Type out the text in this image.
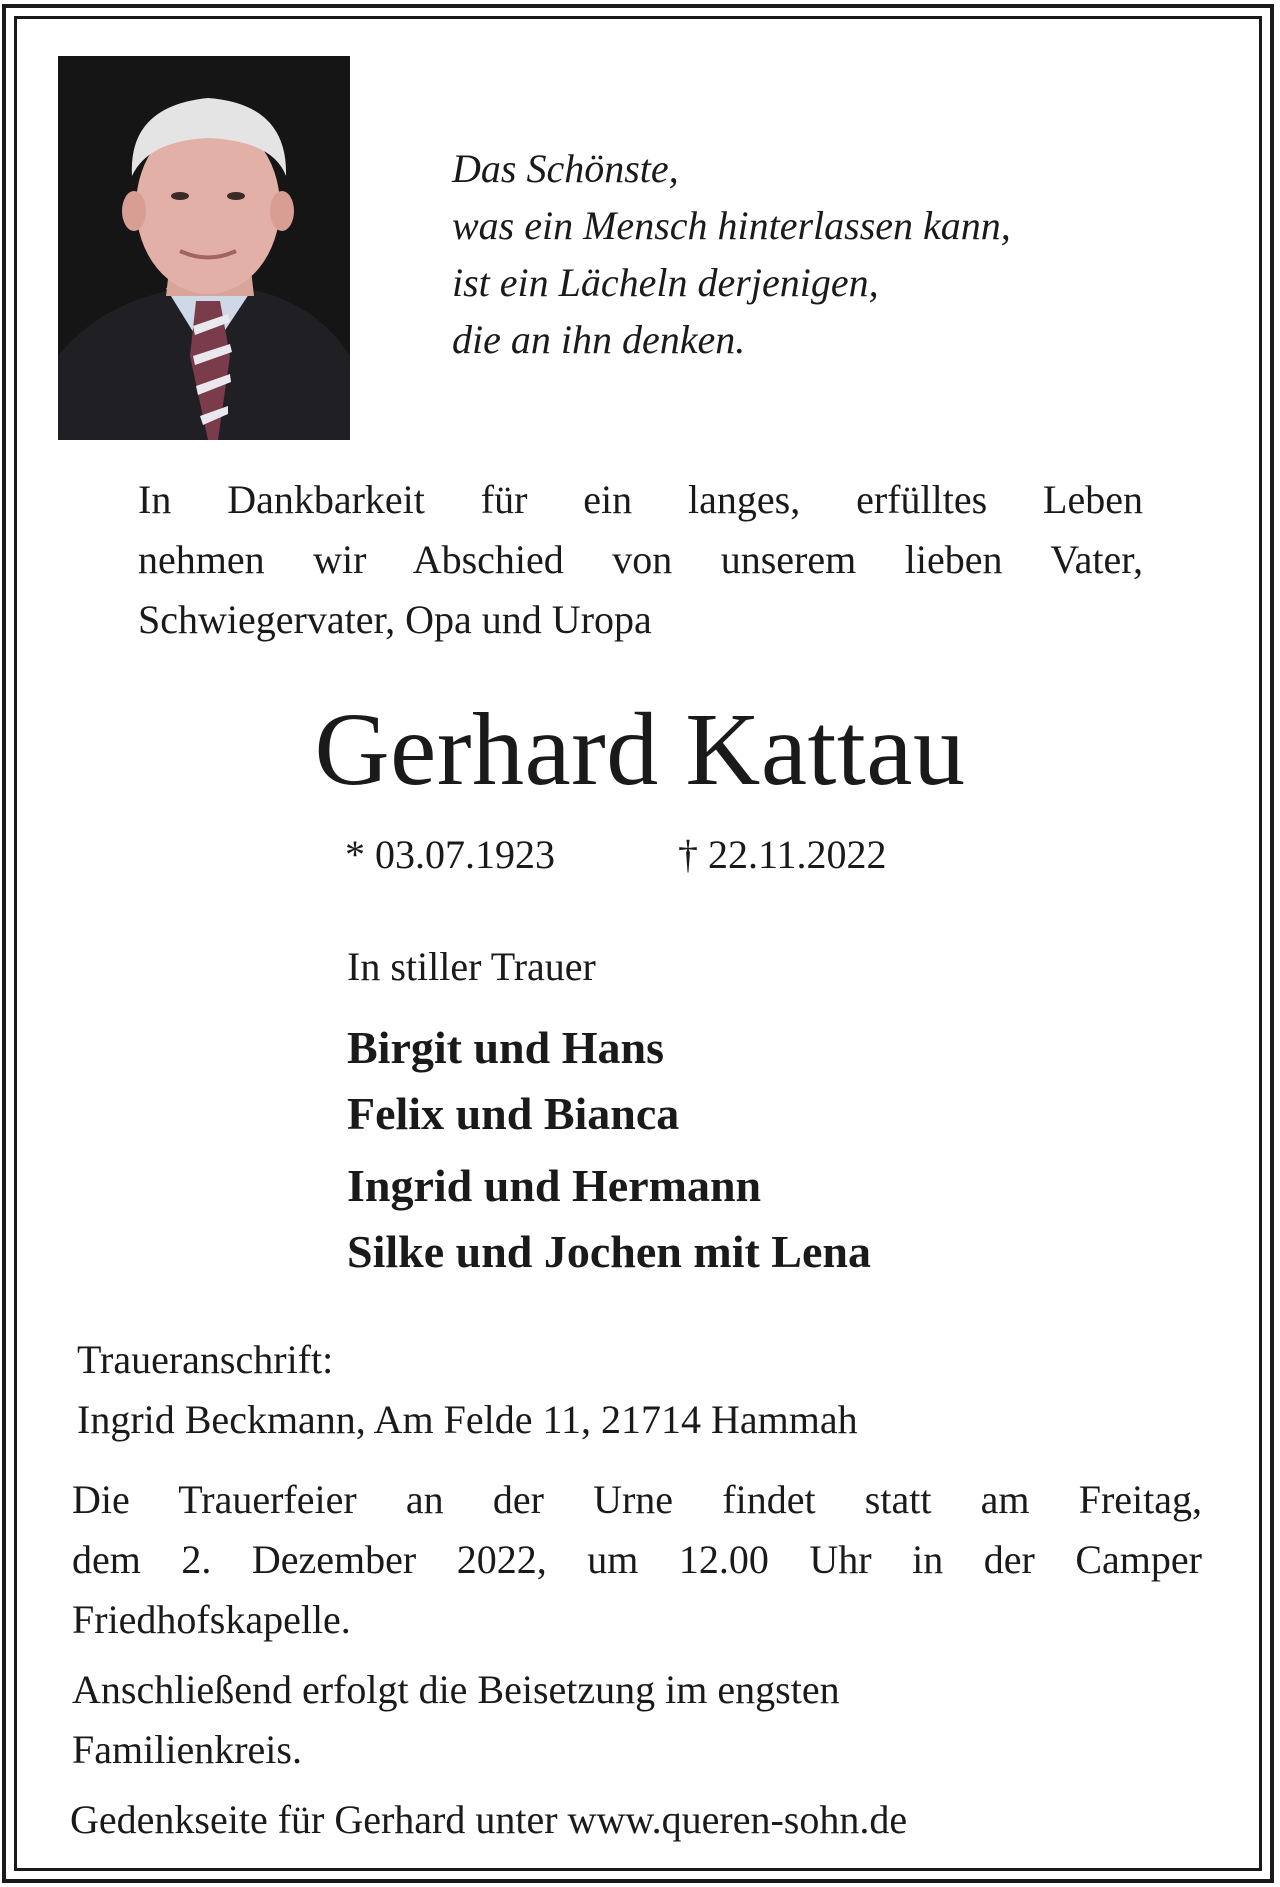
Das Schönste,
was ein Mensch hinterlassen kann,
ist ein Lächeln derjenigen,
die an ihn denken.
In Dankbarkeit für ein langes, erfülltes Leben
nehmen wir Abschied von unserem lieben Vater,
Schwiegervater, Opa und Uropa
Gerhard Kattau
* 03.07.1923	† 22.11.2022
In stiller Trauer
Birgit und Hans
Felix und Bianca
Ingrid und Hermann
Silke und Jochen mit Lena
Traueranschrift:
Ingrid Beckmann, Am Felde 11, 21714 Hammah
Die Trauerfeier an der Urne findet statt am Freitag,
dem 2. Dezember 2022, um 12.00 Uhr in der Camper
Friedhofskapelle.
Anschließend erfolgt die Beisetzung im engsten
Familienkreis.
Gedenkseite für Gerhard unter www.queren-sohn.de
